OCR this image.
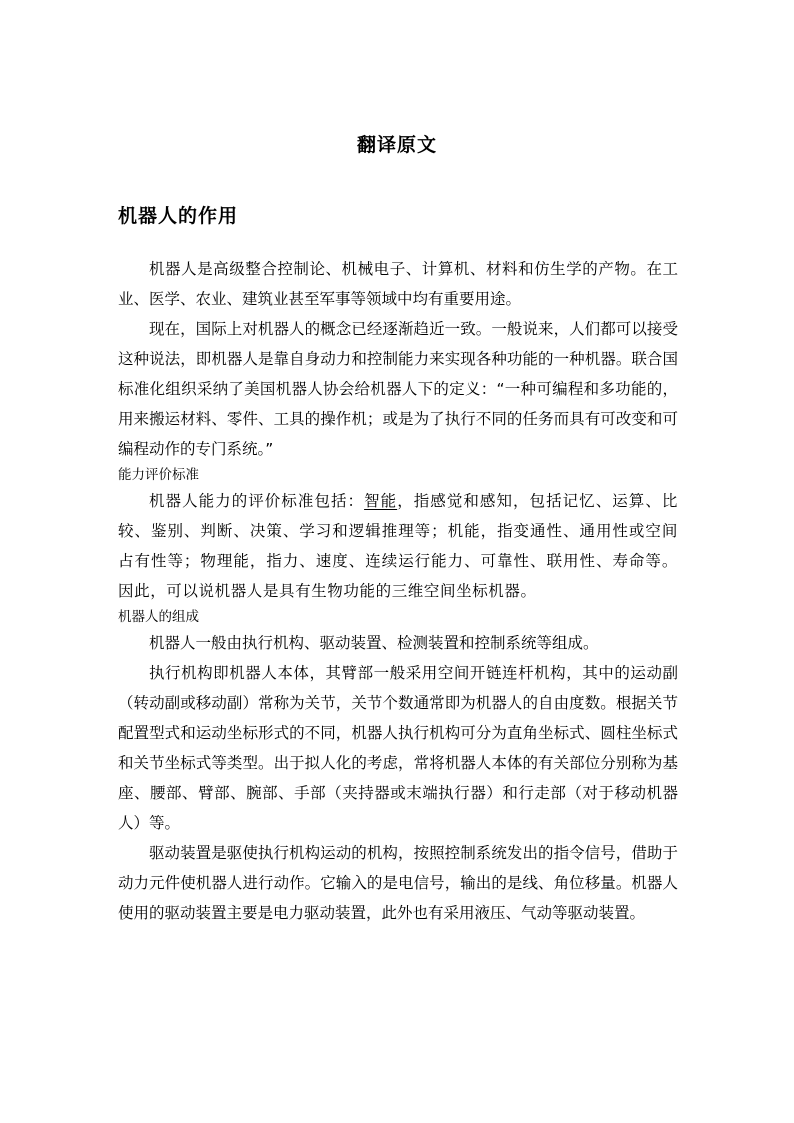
翻译原文
机器人的作用

机器人是高级整合控制论、机械电子、计算机、材料和仿生学的产物。在工业、医学、农业、建筑业甚至军事等领域中均有重要用途。

现在，国际上对机器人的概念已经逐渐趋近一致。一般说来，人们都可以接受这种说法，即机器人是靠自身动力和控制能力来实现各种功能的一种机器。联合国标准化组织采纳了美国机器人协会给机器人下的定义：“一种可编程和多功能的，用来搬运材料、零件、工具的操作机；或是为了执行不同的任务而具有可改变和可编程动作的专门系统。”

能力评价标准

机器人能力的评价标准包括：智能，指感觉和感知，包括记忆、运算、比较、鉴别、判断、决策、学习和逻辑推理等；机能，指变通性、通用性或空间占有性等；物理能，指力、速度、连续运行能力、可靠性、联用性、寿命等。因此，可以说机器人是具有生物功能的三维空间坐标机器。

机器人的组成

机器人一般由执行机构、驱动装置、检测装置和控制系统等组成。

执行机构即机器人本体，其臂部一般采用空间开链连杆机构，其中的运动副（转动副或移动副）常称为关节，关节个数通常即为机器人的自由度数。根据关节配置型式和运动坐标形式的不同，机器人执行机构可分为直角坐标式、圆柱坐标式和关节坐标式等类型。出于拟人化的考虑，常将机器人本体的有关部位分别称为基座、腰部、臂部、腕部、手部（夹持器或末端执行器）和行走部（对于移动机器人）等。

驱动装置是驱使执行机构运动的机构，按照控制系统发出的指令信号，借助于动力元件使机器人进行动作。它输入的是电信号，输出的是线、角位移量。机器人使用的驱动装置主要是电力驱动装置，此外也有采用液压、气动等驱动装置。
